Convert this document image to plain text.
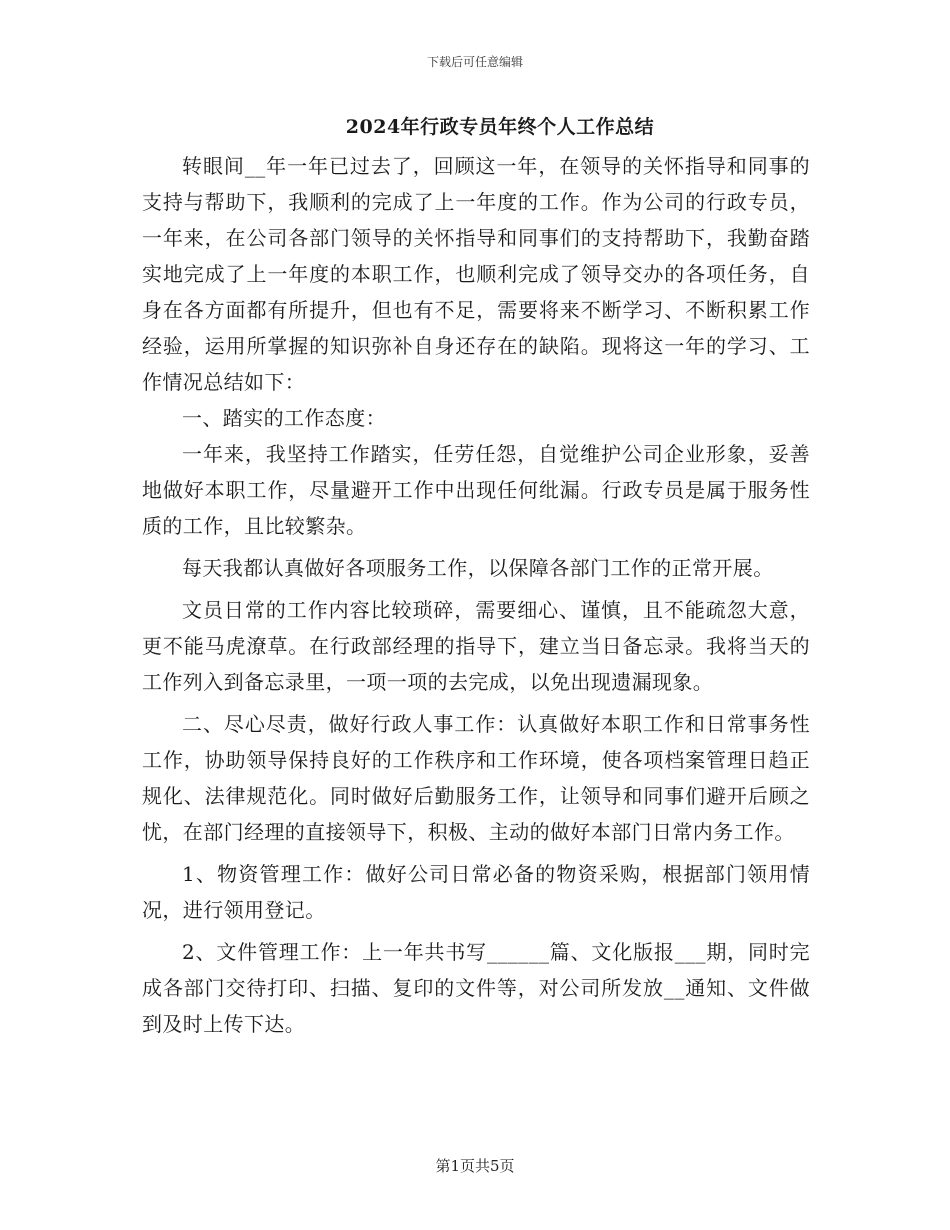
下载后可任意编辑
2024年行政专员年终个人工作总结

转眼间__年一年已过去了，回顾这一年，在领导的关怀指导和同事的支持与帮助下，我顺利的完成了上一年度的工作。作为公司的行政专员，一年来，在公司各部门领导的关怀指导和同事们的支持帮助下，我勤奋踏实地完成了上一年度的本职工作，也顺利完成了领导交办的各项任务，自身在各方面都有所提升，但也有不足，需要将来不断学习、不断积累工作经验，运用所掌握的知识弥补自身还存在的缺陷。现将这一年的学习、工作情况总结如下：

一、踏实的工作态度：

一年来，我坚持工作踏实，任劳任怨，自觉维护公司企业形象，妥善地做好本职工作，尽量避开工作中出现任何纰漏。行政专员是属于服务性质的工作，且比较繁杂。

每天我都认真做好各项服务工作，以保障各部门工作的正常开展。

文员日常的工作内容比较琐碎，需要细心、谨慎，且不能疏忽大意，更不能马虎潦草。在行政部经理的指导下，建立当日备忘录。我将当天的工作列入到备忘录里，一项一项的去完成，以免出现遗漏现象。

二、尽心尽责，做好行政人事工作：认真做好本职工作和日常事务性工作，协助领导保持良好的工作秩序和工作环境，使各项档案管理日趋正规化、法律规范化。同时做好后勤服务工作，让领导和同事们避开后顾之忧，在部门经理的直接领导下，积极、主动的做好本部门日常内务工作。

1、物资管理工作：做好公司日常必备的物资采购，根据部门领用情况，进行领用登记。

2、文件管理工作：上一年共书写______篇、文化版报___期，同时完成各部门交待打印、扫描、复印的文件等，对公司所发放__通知、文件做到及时上传下达。

第1页共5页
